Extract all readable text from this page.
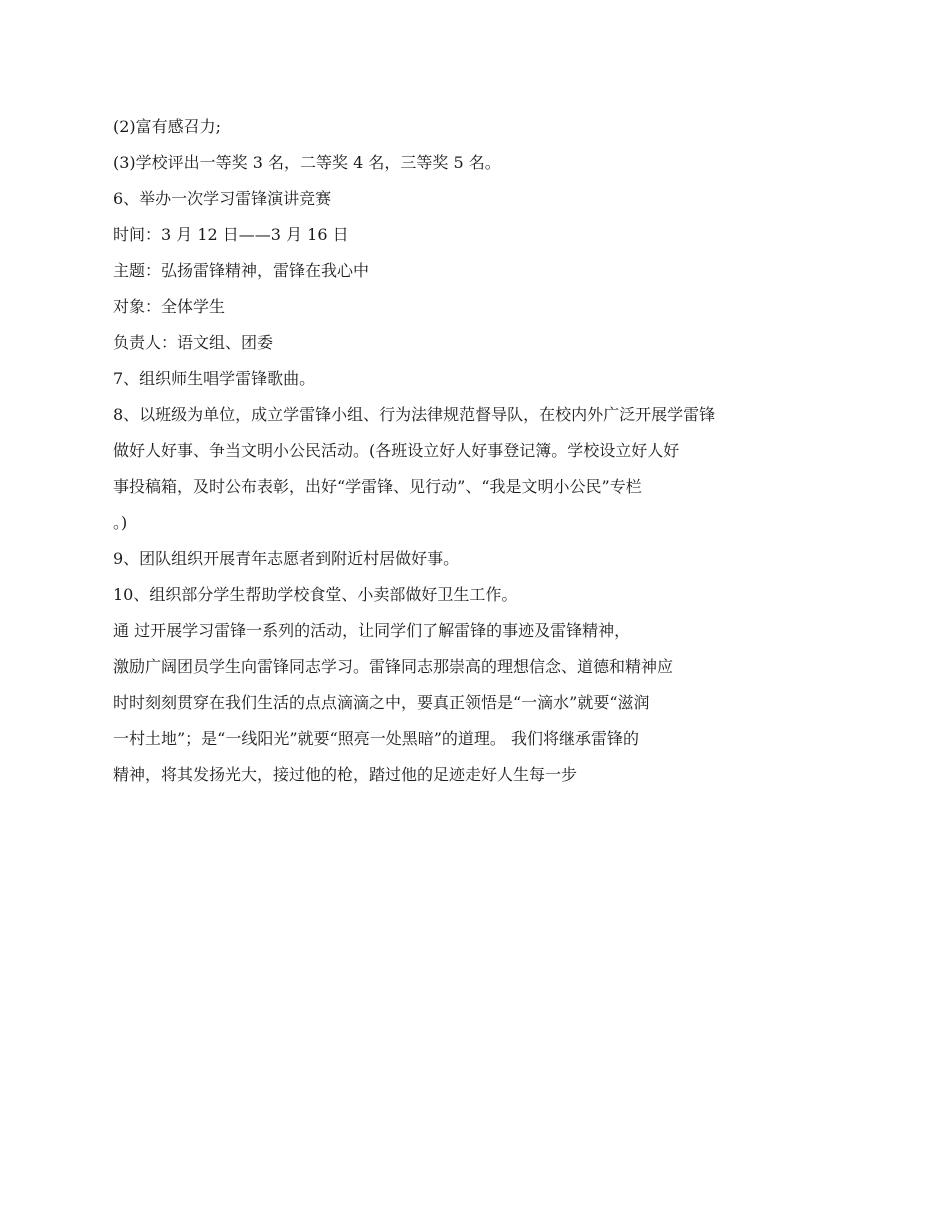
(2)富有感召力;
(3)学校评出一等奖 3 名，二等奖 4 名，三等奖 5 名。
6、举办一次学习雷锋演讲竞赛
时间：3 月 12 日——3 月 16 日
主题：弘扬雷锋精神，雷锋在我心中
对象：全体学生
负责人：语文组、团委
7、组织师生唱学雷锋歌曲。
8、以班级为单位，成立学雷锋小组、行为法律规范督导队，在校内外广泛开展学雷锋
做好人好事、争当文明小公民活动。(各班设立好人好事登记簿。学校设立好人好
事投稿箱，及时公布表彰，出好“学雷锋、见行动”、“我是文明小公民”专栏
。)
9、团队组织开展青年志愿者到附近村居做好事。
10、组织部分学生帮助学校食堂、小卖部做好卫生工作。
通 过开展学习雷锋一系列的活动，让同学们了解雷锋的事迹及雷锋精神，
激励广阔团员学生向雷锋同志学习。雷锋同志那崇高的理想信念、道德和精神应
时时刻刻贯穿在我们生活的点点滴滴之中，要真正领悟是“一滴水”就要“滋润
一村土地”；是“一线阳光”就要“照亮一处黑暗”的道理。 我们将继承雷锋的
精神，将其发扬光大，接过他的枪，踏过他的足迹走好人生每一步
